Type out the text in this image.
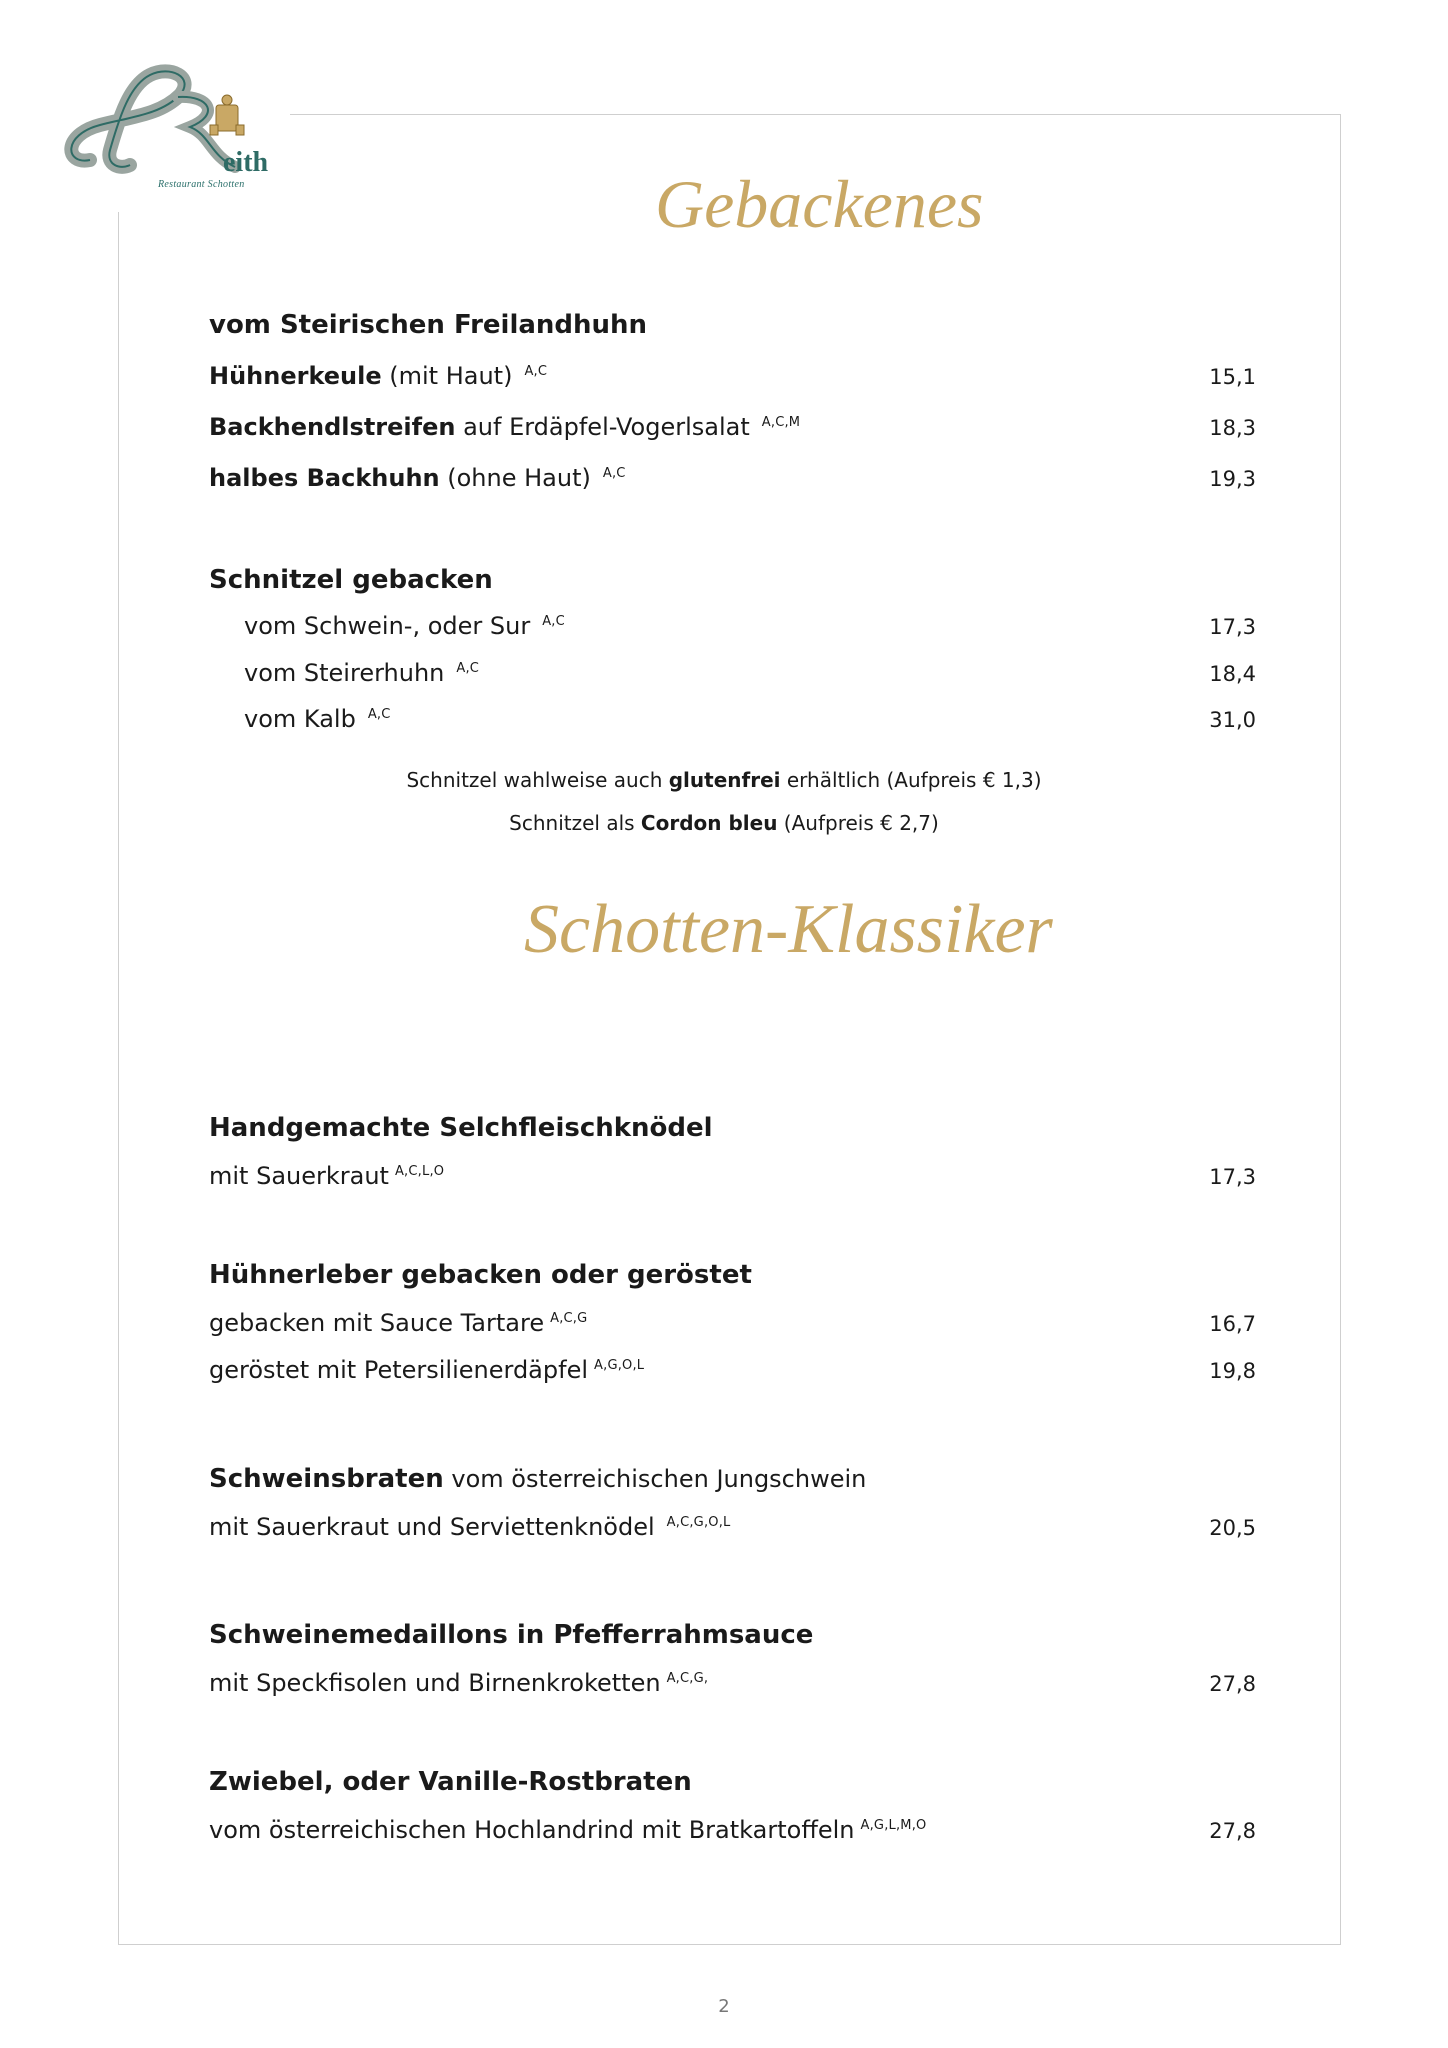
eith
Restaurant Schotten	Gebackenes
vom Steirischen Freilandhuhn
Hühnerkeule (mit Haut) $^{A,C}$	15,1
Backhendlstreifen auf Erdäpfel-Vogerlsalat $^{A,C,M}$	18,3
halbes Backhuhn (ohne Haut) $^{A,C}$	19,3
Schnitzel gebacken
vom Schwein-, oder Sur $^{A,C}$	17,3
vom Steirerhuhn $^{A,C}$	18,4
vom Kalb $^{A,C}$	31,0
Schnitzel wahlweise auch glutenfrei erhältlich (Aufpreis € 1,3)
Schnitzel als Cordon bleu (Aufpreis € 2,7)
Schotten-Klassiker
Handgemachte Selchfleischknödel
mit Sauerkraut $^{A,C,L,O}$	17,3
Hühnerleber gebacken oder geröstet
gebacken mit Sauce Tartare $^{A,C,G}$	16,7
geröstet mit Petersilienerdäpfel $^{A,G,O,L}$	19,8
Schweinsbraten vom österreichischen Jungschwein
mit Sauerkraut und Serviettenknödel $^{A,C,G,O,L}$	20,5
Schweinemedaillons in Pfefferrahmsauce
mit Speckfisolen und Birnenkroketten $^{A,C,G,}$	27,8
Zwiebel, oder Vanille-Rostbraten
vom österreichischen Hochlandrind mit Bratkartoffeln $^{A,G,L,M,O}$	27,8
2
